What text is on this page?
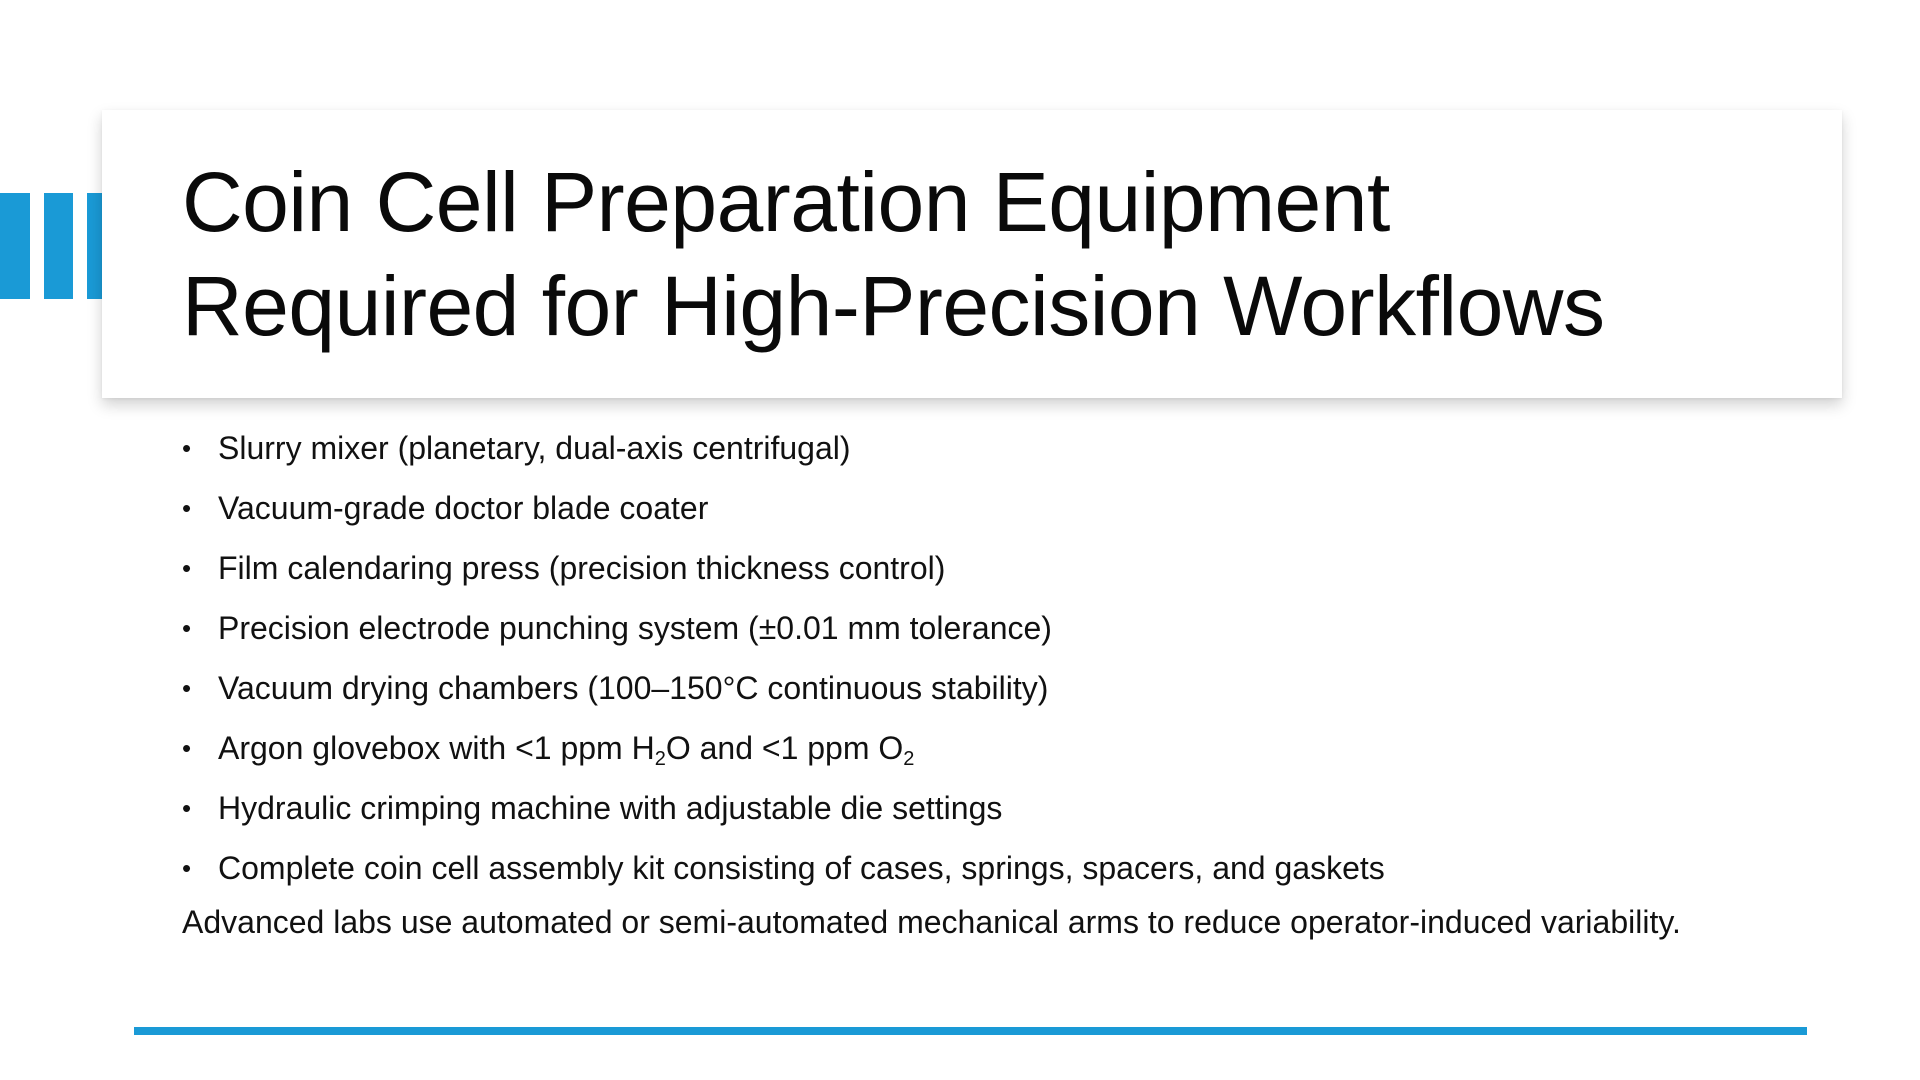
Coin Cell Preparation Equipment
Required for High-Precision Workflows
• Slurry mixer (planetary, dual-axis centrifugal)
• Vacuum-grade doctor blade coater
• Film calendaring press (precision thickness control)
• Precision electrode punching system (±0.01 mm tolerance)
• Vacuum drying chambers (100–150°C continuous stability)
• Argon glovebox with <1 ppm $H_2O$ and <1 ppm $O_2$
• Hydraulic crimping machine with adjustable die settings
• Complete coin cell assembly kit consisting of cases, springs, spacers, and gaskets

Advanced labs use automated or semi-automated mechanical arms to reduce operator-induced variability.
